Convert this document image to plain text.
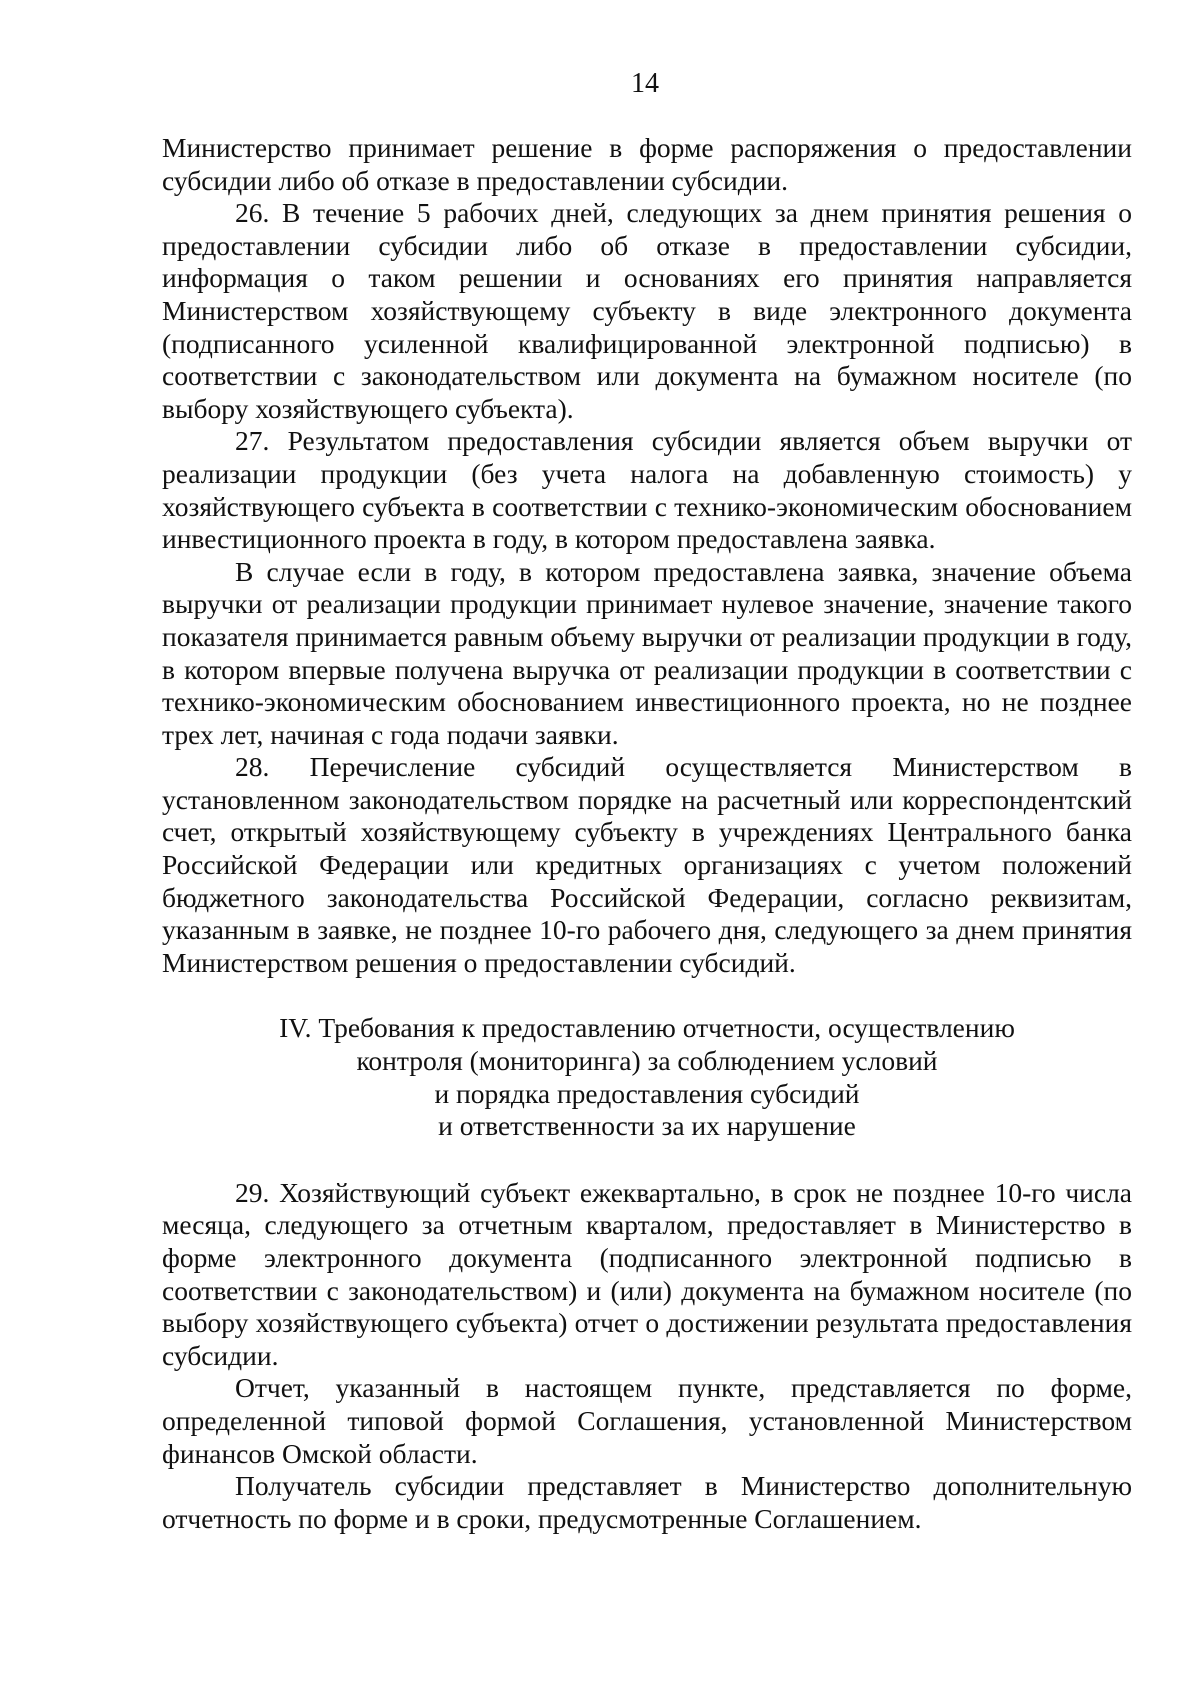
14

Министерство принимает решение в форме распоряжения о предоставлении субсидии либо об отказе в предоставлении субсидии.

26. В течение 5 рабочих дней, следующих за днем принятия решения о предоставлении субсидии либо об отказе в предоставлении субсидии, информация о таком решении и основаниях его принятия направляется Министерством хозяйствующему субъекту в виде электронного документа (подписанного усиленной квалифицированной электронной подписью) в соответствии с законодательством или документа на бумажном носителе (по выбору хозяйствующего субъекта).

27. Результатом предоставления субсидии является объем выручки от реализации продукции (без учета налога на добавленную стоимость) у хозяйствующего субъекта в соответствии с технико-экономическим обоснованием инвестиционного проекта в году, в котором предоставлена заявка.

В случае если в году, в котором предоставлена заявка, значение объема выручки от реализации продукции принимает нулевое значение, значение такого показателя принимается равным объему выручки от реализации продукции в году, в котором впервые получена выручка от реализации продукции в соответствии с технико-экономическим обоснованием инвестиционного проекта, но не позднее трех лет, начиная с года подачи заявки.

28. Перечисление субсидий осуществляется Министерством в установленном законодательством порядке на расчетный или корреспондентский счет, открытый хозяйствующему субъекту в учреждениях Центрального банка Российской Федерации или кредитных организациях с учетом положений бюджетного законодательства Российской Федерации, согласно реквизитам, указанным в заявке, не позднее 10-го рабочего дня, следующего за днем принятия Министерством решения о предоставлении субсидий.

IV. Требования к предоставлению отчетности, осуществлению
контроля (мониторинга) за соблюдением условий
и порядка предоставления субсидий
и ответственности за их нарушение

29. Хозяйствующий субъект ежеквартально, в срок не позднее 10-го числа месяца, следующего за отчетным кварталом, предоставляет в Министерство в форме электронного документа (подписанного электронной подписью в соответствии с законодательством) и (или) документа на бумажном носителе (по выбору хозяйствующего субъекта) отчет о достижении результата предоставления субсидии.

Отчет, указанный в настоящем пункте, представляется по форме, определенной типовой формой Соглашения, установленной Министерством финансов Омской области.

Получатель субсидии представляет в Министерство дополнительную отчетность по форме и в сроки, предусмотренные Соглашением.
